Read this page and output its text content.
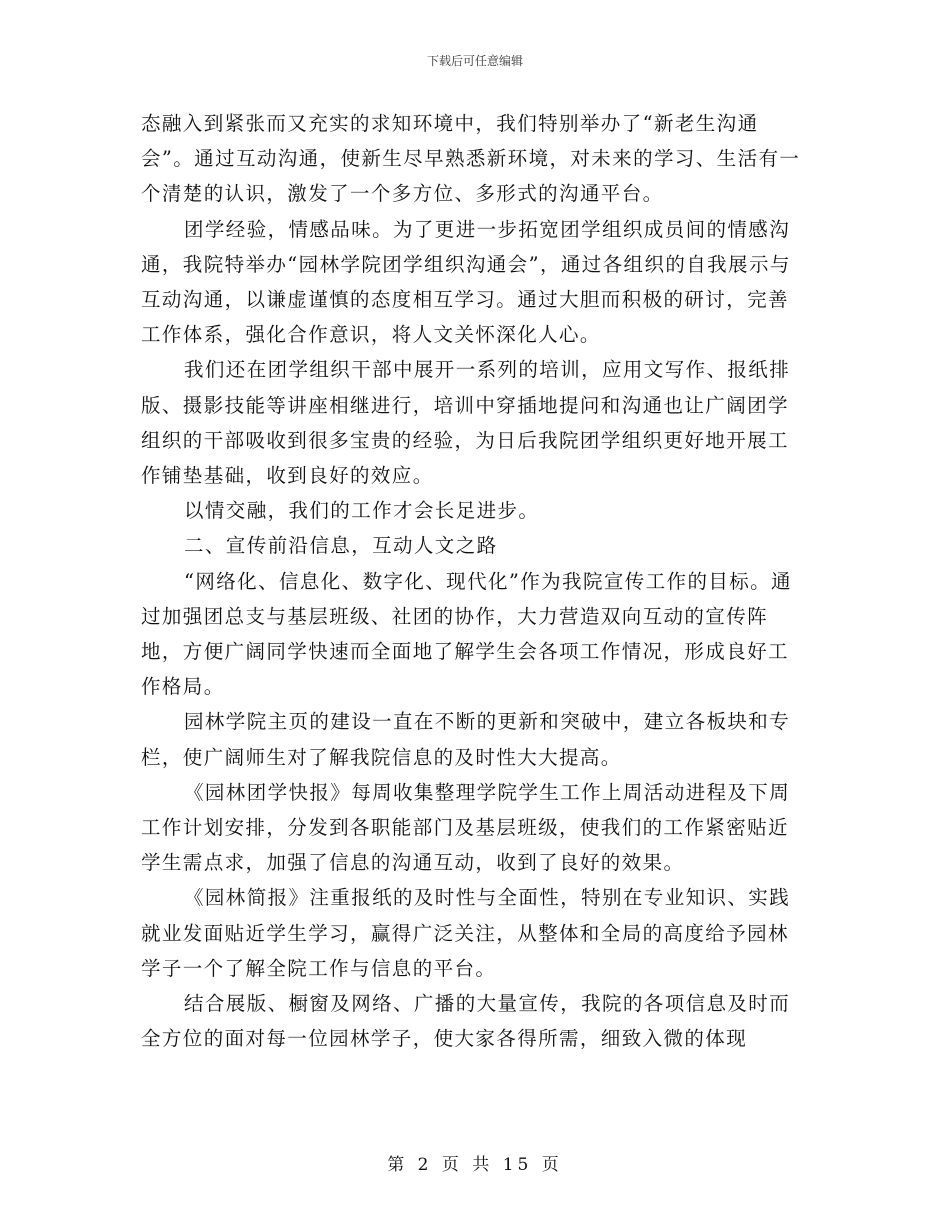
下载后可任意编辑

态融入到紧张而又充实的求知环境中，我们特别举办了“新老生沟通会”。通过互动沟通，使新生尽早熟悉新环境，对未来的学习、生活有一个清楚的认识，激发了一个多方位、多形式的沟通平台。

团学经验，情感品味。为了更进一步拓宽团学组织成员间的情感沟通，我院特举办“园林学院团学组织沟通会”，通过各组织的自我展示与互动沟通，以谦虚谨慎的态度相互学习。通过大胆而积极的研讨，完善工作体系，强化合作意识，将人文关怀深化人心。

我们还在团学组织干部中展开一系列的培训，应用文写作、报纸排版、摄影技能等讲座相继进行，培训中穿插地提问和沟通也让广阔团学组织的干部吸收到很多宝贵的经验，为日后我院团学组织更好地开展工作铺垫基础，收到良好的效应。

以情交融，我们的工作才会长足进步。

二、宣传前沿信息，互动人文之路

“网络化、信息化、数字化、现代化”作为我院宣传工作的目标。通过加强团总支与基层班级、社团的协作，大力营造双向互动的宣传阵地，方便广阔同学快速而全面地了解学生会各项工作情况，形成良好工作格局。

园林学院主页的建设一直在不断的更新和突破中，建立各板块和专栏，使广阔师生对了解我院信息的及时性大大提高。

《园林团学快报》每周收集整理学院学生工作上周活动进程及下周工作计划安排，分发到各职能部门及基层班级，使我们的工作紧密贴近学生需点求，加强了信息的沟通互动，收到了良好的效果。

《园林简报》注重报纸的及时性与全面性，特别在专业知识、实践就业发面贴近学生学习，赢得广泛关注，从整体和全局的高度给予园林学子一个了解全院工作与信息的平台。

结合展版、橱窗及网络、广播的大量宣传，我院的各项信息及时而全方位的面对每一位园林学子，使大家各得所需，细致入微的体现

第 2 页 共 15 页
